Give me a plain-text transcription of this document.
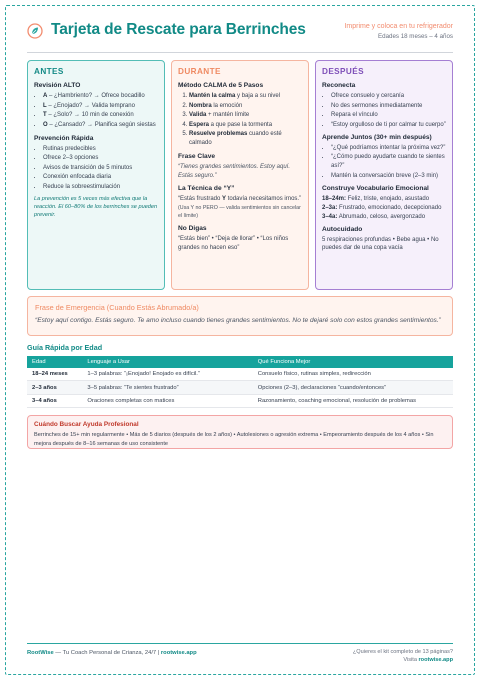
Tarjeta de Rescate para Berrinches	Imprime y coloca en tu refrigerador
Edades 18 meses – 4 años
ANTES
Revisión ALTO
• A – ¿Hambriento? → Ofrece bocadillo
• L – ¿Enojado? → Valida temprano
• T – ¿Solo? → 10 min de conexión
• O – ¿Cansado? → Planifica según siestas
Prevención Rápida
• Rutinas predecibles
• Ofrece 2–3 opciones
• Avisos de transición de 5 minutos
• Conexión enfocada diaria
• Reduce la sobreestimulación
La prevención es 5 veces más efectiva que la reacción. El 60–80% de los berrinches se pueden prevenir.
DURANTE
Método CALMA de 5 Pasos
1. Mantén la calma y baja a su nivel
2. Nombra la emoción
3. Valida + mantén límite
4. Espera a que pase la tormenta
5. Resuelve problemas cuando esté calmado
Frase Clave
“Tienes grandes sentimientos. Estoy aquí. Estás seguro.”
La Técnica de “Y”
“Estás frustrado Y todavía necesitamos irnos.”
(Usa Y no PERO — valida sentimientos sin cancelar el límite)
No Digas
“Estás bien” • “Deja de llorar” • “Los niños grandes no hacen eso”
DESPUÉS
Reconecta
• Ofrece consuelo y cercanía
• No des sermones inmediatamente
• Repara el vínculo
• “Estoy orgulloso de ti por calmar tu cuerpo”
Aprende Juntos (30+ min después)
• “¿Qué podríamos intentar la próxima vez?”
• “¿Cómo puedo ayudarte cuando te sientes así?”
• Mantén la conversación breve (2–3 min)
Construye Vocabulario Emocional
18–24m: Feliz, triste, enojado, asustado
2–3a: Frustrado, emocionado, decepcionado
3–4a: Abrumado, celoso, avergonzado
Autocuidado
5 respiraciones profundas • Bebe agua • No puedes dar de una copa vacía
Frase de Emergencia (Cuando Estás Abrumado/a)
“Estoy aquí contigo. Estás seguro. Te amo incluso cuando tienes grandes sentimientos. No te dejaré solo con estos grandes sentimientos.”
Guía Rápida por Edad
Edad	Lenguaje a Usar	Qué Funciona Mejor
18–24 meses	1–3 palabras: “¡Enojado! Enojado es difícil.”	Consuelo físico, rutinas simples, redirección
2–3 años	3–5 palabras: “Te sientes frustrado”	Opciones (2–3), declaraciones “cuando/entonces”
3–4 años	Oraciones completas con matices	Razonamiento, coaching emocional, resolución de problemas
Cuándo Buscar Ayuda Profesional
Berrinches de 15+ min regularmente • Más de 5 diarios (después de los 2 años) • Autolesiones o agresión extrema • Empeoramiento después de los 4 años • Sin mejora después de 8–16 semanas de uso consistente
RootWise — Tu Coach Personal de Crianza, 24/7 | rootwise.app	¿Quieres el kit completo de 13 páginas?
Visita rootwise.app
